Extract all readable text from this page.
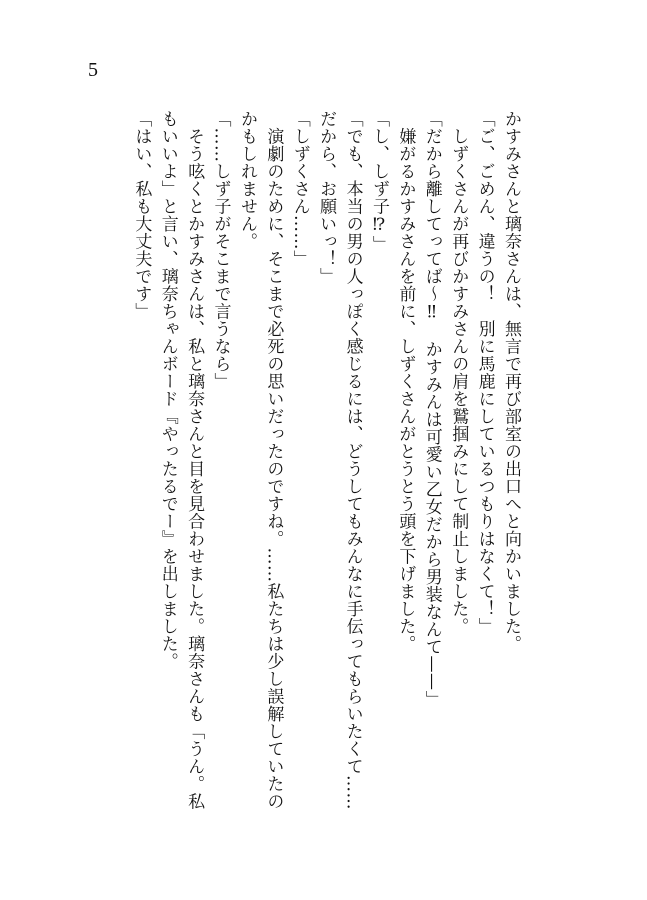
5
かすみさんと璃奈さんは、無言で再び部室の出口へと向かいました。
「ご、ごめん、違うの！　別に馬鹿にしているつもりはなくて！」
　しずくさんが再びかすみさんの肩を鷲掴みにして制止しました。
「だから離してってば〜‼　かすみんは可愛い乙女だから男装なんて——」
　嫌がるかすみさんを前に、しずくさんがとうとう頭を下げました。
「し、しず子⁉」
「でも、本当の男の人っぽく感じるには、どうしてもみんなに手伝ってもらいたくて……
だから、お願いっ！」
「しずくさん……」
　演劇のために、そこまで必死の思いだったのですね。……私たちは少し誤解していたの
かもしれません。
「……しず子がそこまで言うなら」
　そう呟くとかすみさんは、私と璃奈さんと目を見合わせました。璃奈さんも「うん。私
もいいよ」と言い、璃奈ちゃんボード『やったるでー』を出しました。
「はい、私も大丈夫です」
